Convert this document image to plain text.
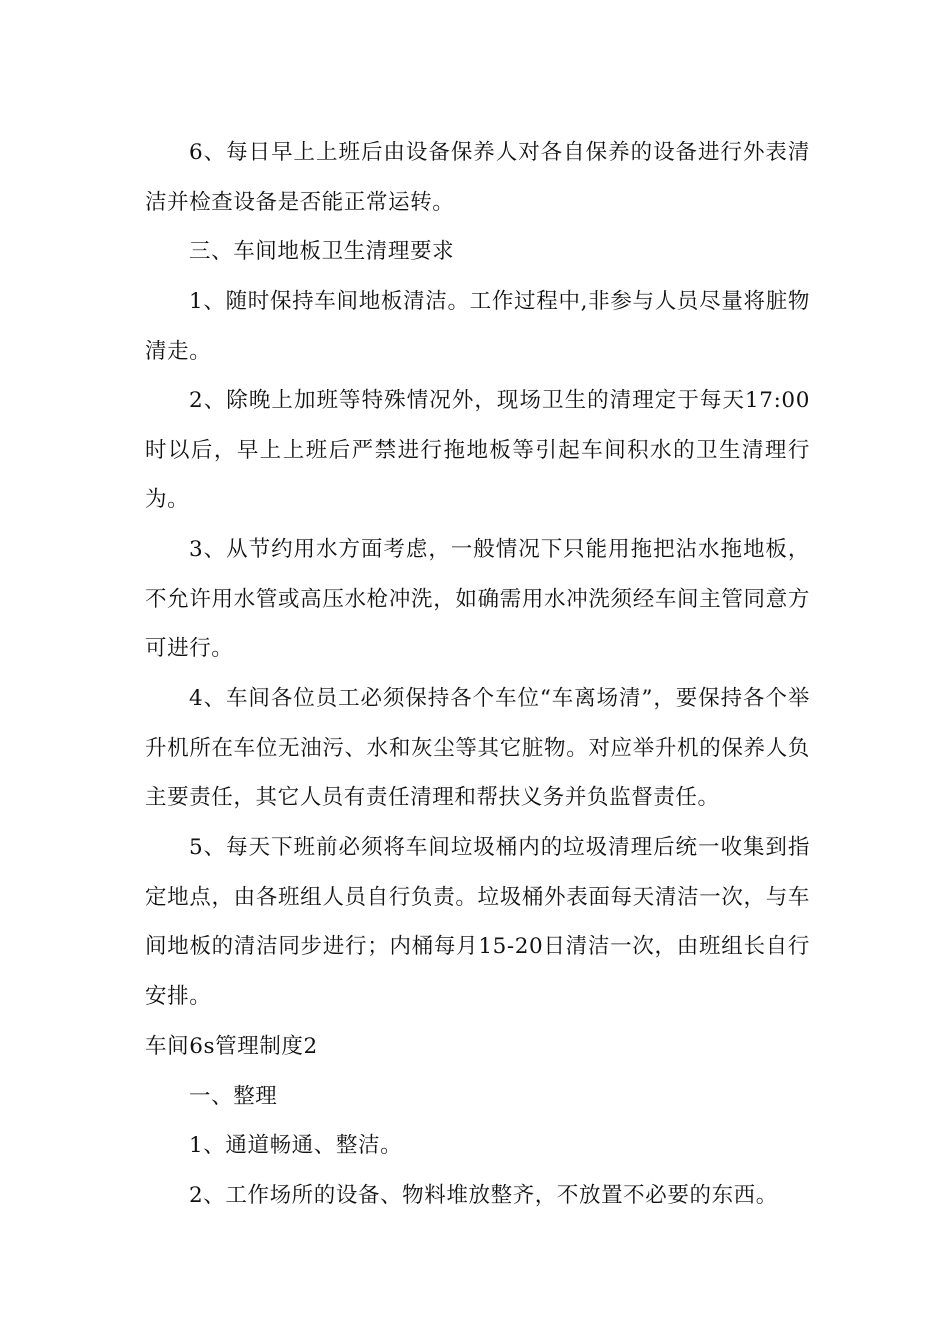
6、每日早上上班后由设备保养人对各自保养的设备进行外表清洁并检查设备是否能正常运转。

三、车间地板卫生清理要求

1、随时保持车间地板清洁。工作过程中,非参与人员尽量将脏物清走。

2、除晚上加班等特殊情况外，现场卫生的清理定于每天17:00时以后，早上上班后严禁进行拖地板等引起车间积水的卫生清理行为。

3、从节约用水方面考虑，一般情况下只能用拖把沾水拖地板，不允许用水管或高压水枪冲洗，如确需用水冲洗须经车间主管同意方可进行。

4、车间各位员工必须保持各个车位“车离场清”，要保持各个举升机所在车位无油污、水和灰尘等其它脏物。对应举升机的保养人负主要责任，其它人员有责任清理和帮扶义务并负监督责任。

5、每天下班前必须将车间垃圾桶内的垃圾清理后统一收集到指定地点，由各班组人员自行负责。垃圾桶外表面每天清洁一次，与车间地板的清洁同步进行；内桶每月15-20日清洁一次，由班组长自行安排。

车间6s管理制度2

一、整理

1、通道畅通、整洁。

2、工作场所的设备、物料堆放整齐，不放置不必要的东西。
